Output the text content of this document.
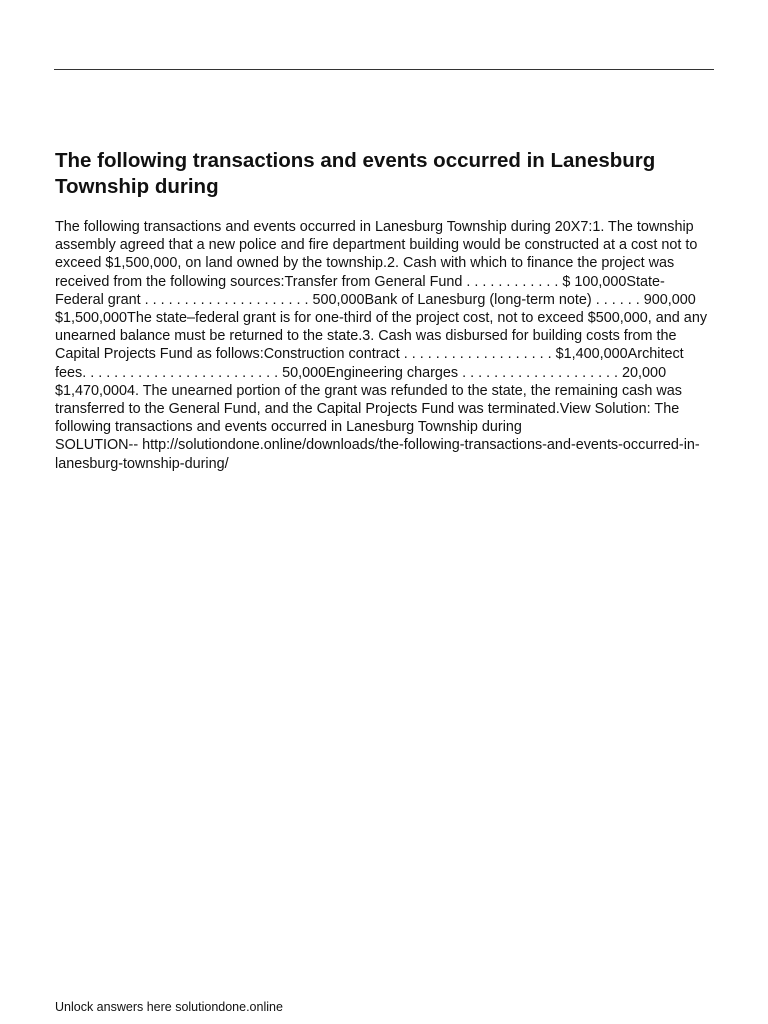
The following transactions and events occurred in Lanesburg Township during

The following transactions and events occurred in Lanesburg Township during 20X7:1. The township assembly agreed that a new police and fire department building would be constructed at a cost not to exceed $1,500,000, on land owned by the township.2. Cash with which to finance the project was received from the following sources:Transfer from General Fund . . . . . . . . . . . . $ 100,000State-Federal grant . . . . . . . . . . . . . . . . . . . . . 500,000Bank of Lanesburg (long-term note) . . . . . . 900,000 $1,500,000The state–federal grant is for one-third of the project cost, not to exceed $500,000, and any unearned balance must be returned to the state.3. Cash was disbursed for building costs from the Capital Projects Fund as follows:Construction contract . . . . . . . . . . . . . . . . . . . $1,400,000Architect fees. . . . . . . . . . . . . . . . . . . . . . . . . 50,000Engineering charges . . . . . . . . . . . . . . . . . . . . 20,000 $1,470,0004. The unearned portion of the grant was refunded to the state, the remaining cash was transferred to the General Fund, and the Capital Projects Fund was terminated.View Solution: The following transactions and events occurred in Lanesburg Township during
SOLUTION-- http://solutiondone.online/downloads/the-following-transactions-and-events-occurred-in-lanesburg-township-during/

Unlock answers here solutiondone.online
